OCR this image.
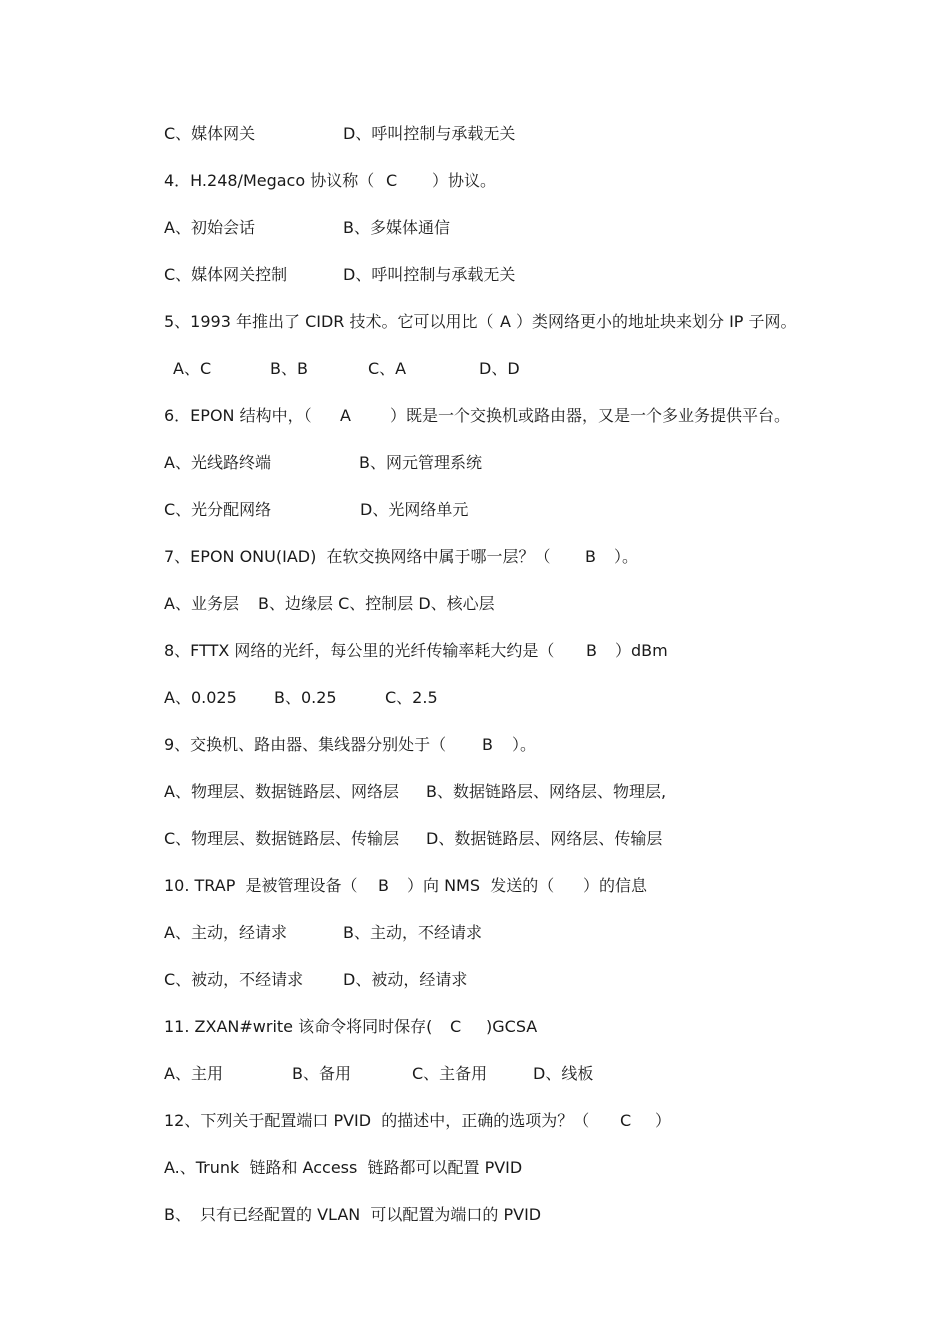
C、媒体网关

	D、呼叫控制与承载无关

4．H.248/Megaco 协议称（

C

）协议。

A、初始会话

	B、多媒体通信

C、媒体网关控制

	D、呼叫控制与承载无关

5、1993 年推出了 CIDR 技术。它可以用比（

A

）类网络更小的地址块来划分 IP 子网。

A、C

	B、B

	C、A

	D、D

6．EPON 结构中，（

A

）既是一个交换机或路由器，又是一个多业务提供平台。

A、光线路终端

	B、网元管理系统

C、光分配网络

	D、光网络单元

7、EPON ONU(IAD)  在软交换网络中属于哪一层？（

B

）。

A、业务层

B、边缘层 C、控制层 D、核心层

8、FTTX 网络的光纤，每公里的光纤传输率耗大约是（

B

）dBm

A、0.025

B、0.25

	C、2.5

9、交换机、路由器、集线器分别处于（

B

）。

A、物理层、数据链路层、网络层

B、数据链路层、网络层、物理层,

C、物理层、数据链路层、传输层

D、数据链路层、网络层、传输层

10. TRAP  是被管理设备（

B

）向 NMS  发送的（

）的信息

A、主动，经请求

	B、主动，不经请求

C、被动，不经请求

D、被动，经请求

11. ZXAN#write 该命令将同时保存(

C

)GCSA

A、主用

	B、备用

	C、主备用

	D、线板

12、下列关于配置端口 PVID  的描述中，正确的选项为？（

C

）

A.、Trunk  链路和 Access  链路都可以配置 PVID

B、

只有已经配置的 VLAN  可以配置为端口的 PVID
